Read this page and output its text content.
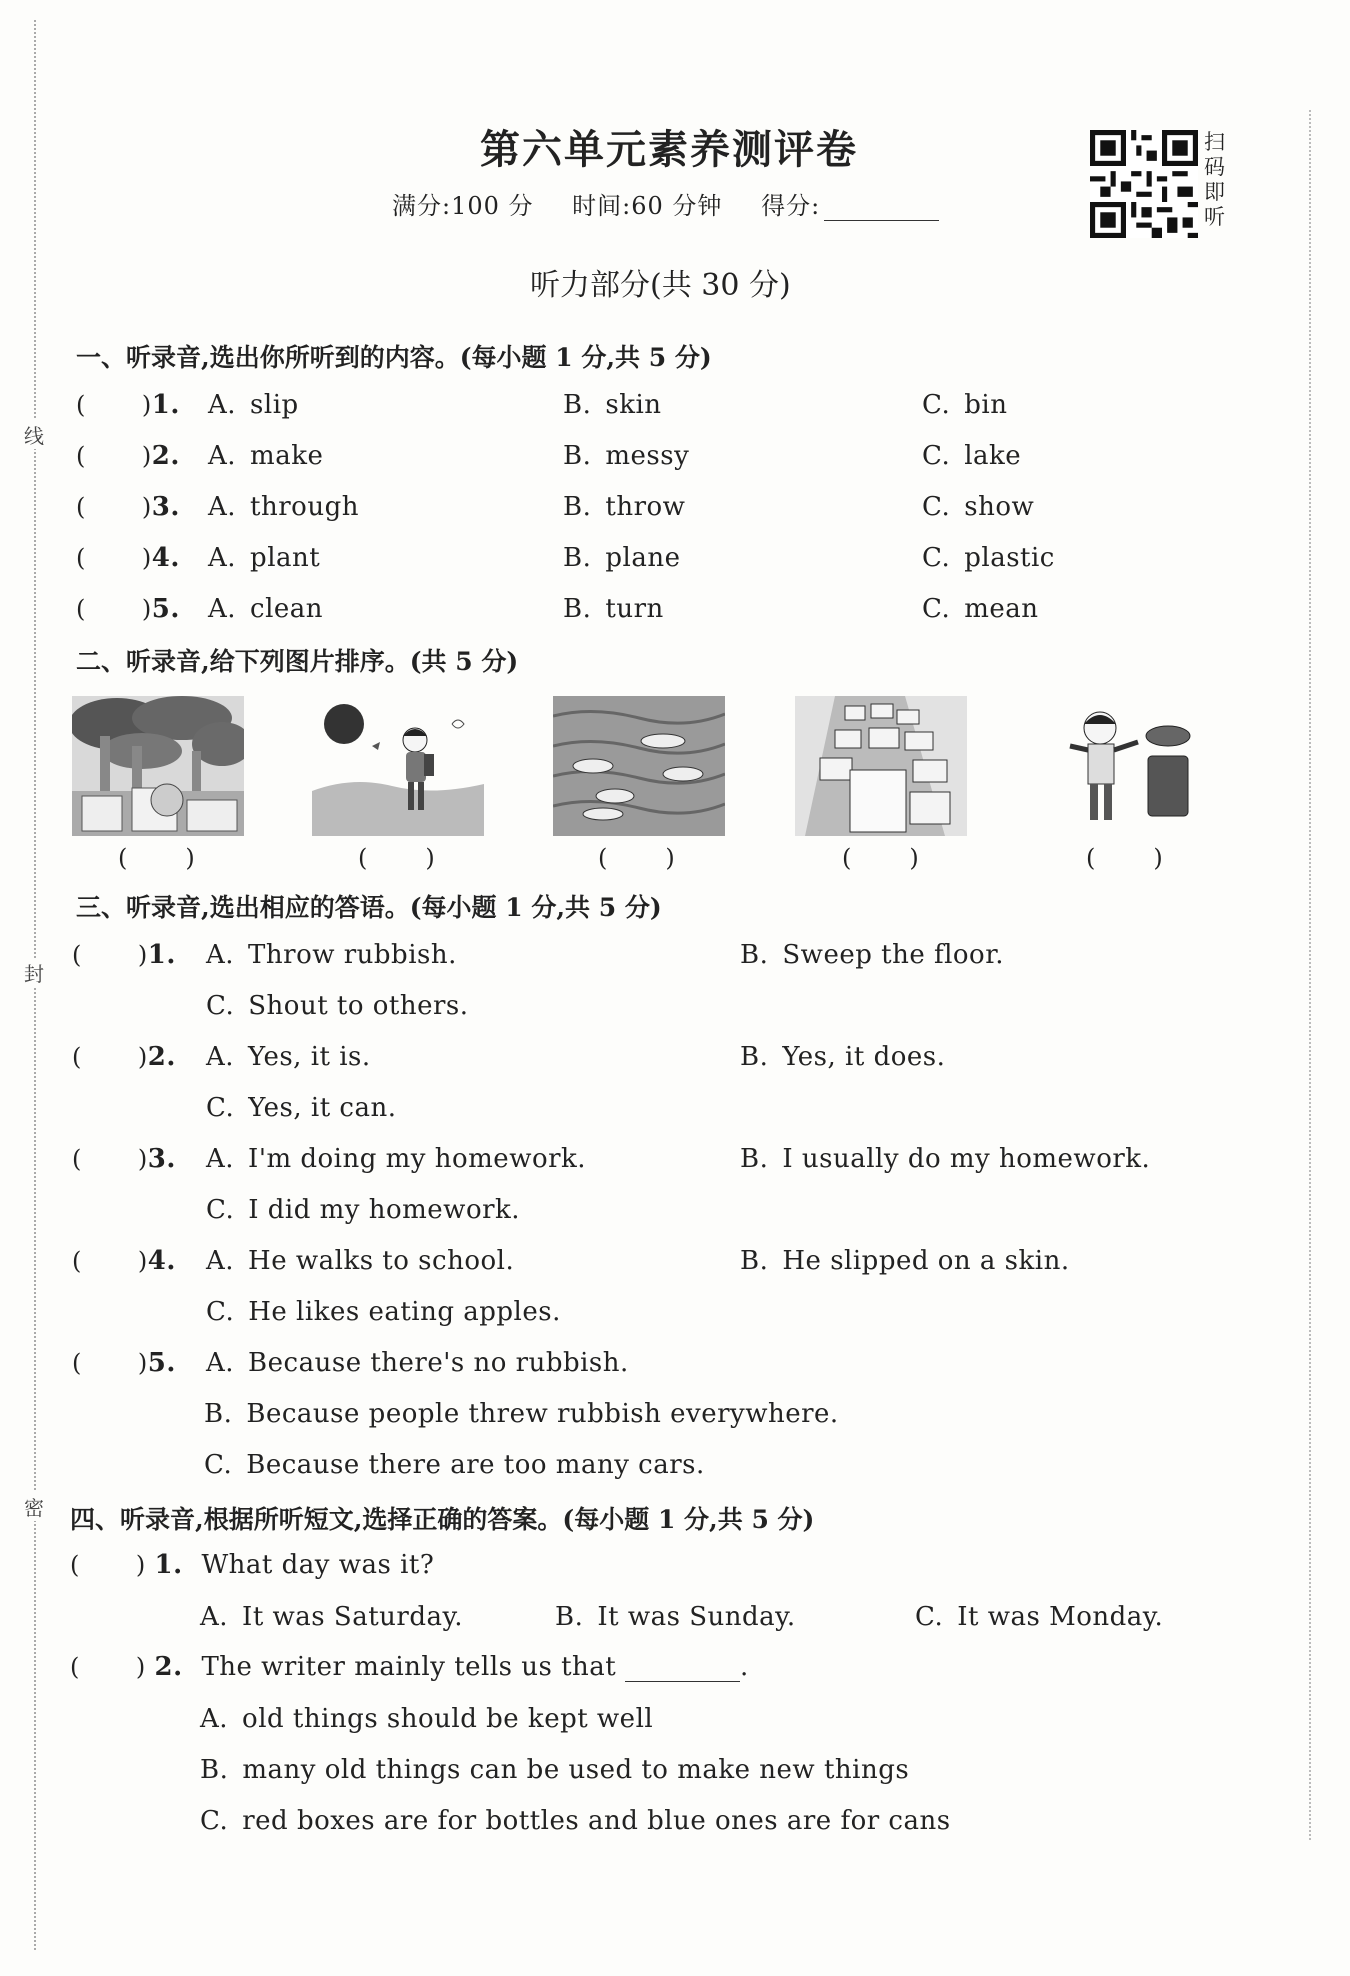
线
封
密
第六单元素养测评卷
满分:100 分 时间:60 分钟 得分:
扫
码
即
听
听力部分(共 30 分)
一、听录音,选出你所听到的内容。(每小题 1 分,共 5 分)
二、听录音,给下列图片排序。(共 5 分)
三、听录音,选出相应的答语。(每小题 1 分,共 5 分)
四、听录音,根据所听短文,选择正确的答案。(每小题 1 分,共 5 分)
( ) 1. What day was it?
A. It was Saturday.	B. It was Sunday.	C. It was Monday.
( ) 2. The writer mainly tells us that	.
A. old things should be kept well
B. many old things can be used to make new things
C. red boxes are for bottles and blue ones are for cans
( )1. A. slip	B. skin	C. bin
( )2. A. make	B. messy	C. lake
( )3. A. through	B. throw	C. show
( )4. A. plant	B. plane	C. plastic
( )5. A. clean	B. turn	C. mean
( )	( )	( )	( )	( )
( )1. A. Throw rubbish.	B. Sweep the floor.
C. Shout to others.
( )2. A. Yes, it is.	B. Yes, it does.
C. Yes, it can.
( )3. A. I'm doing my homework.	B. I usually do my homework.
C. I did my homework.
( )4. A. He walks to school.	B. He slipped on a skin.
C. He likes eating apples.
( )5. A. Because there's no rubbish.
B. Because people threw rubbish everywhere.
C. Because there are too many cars.
